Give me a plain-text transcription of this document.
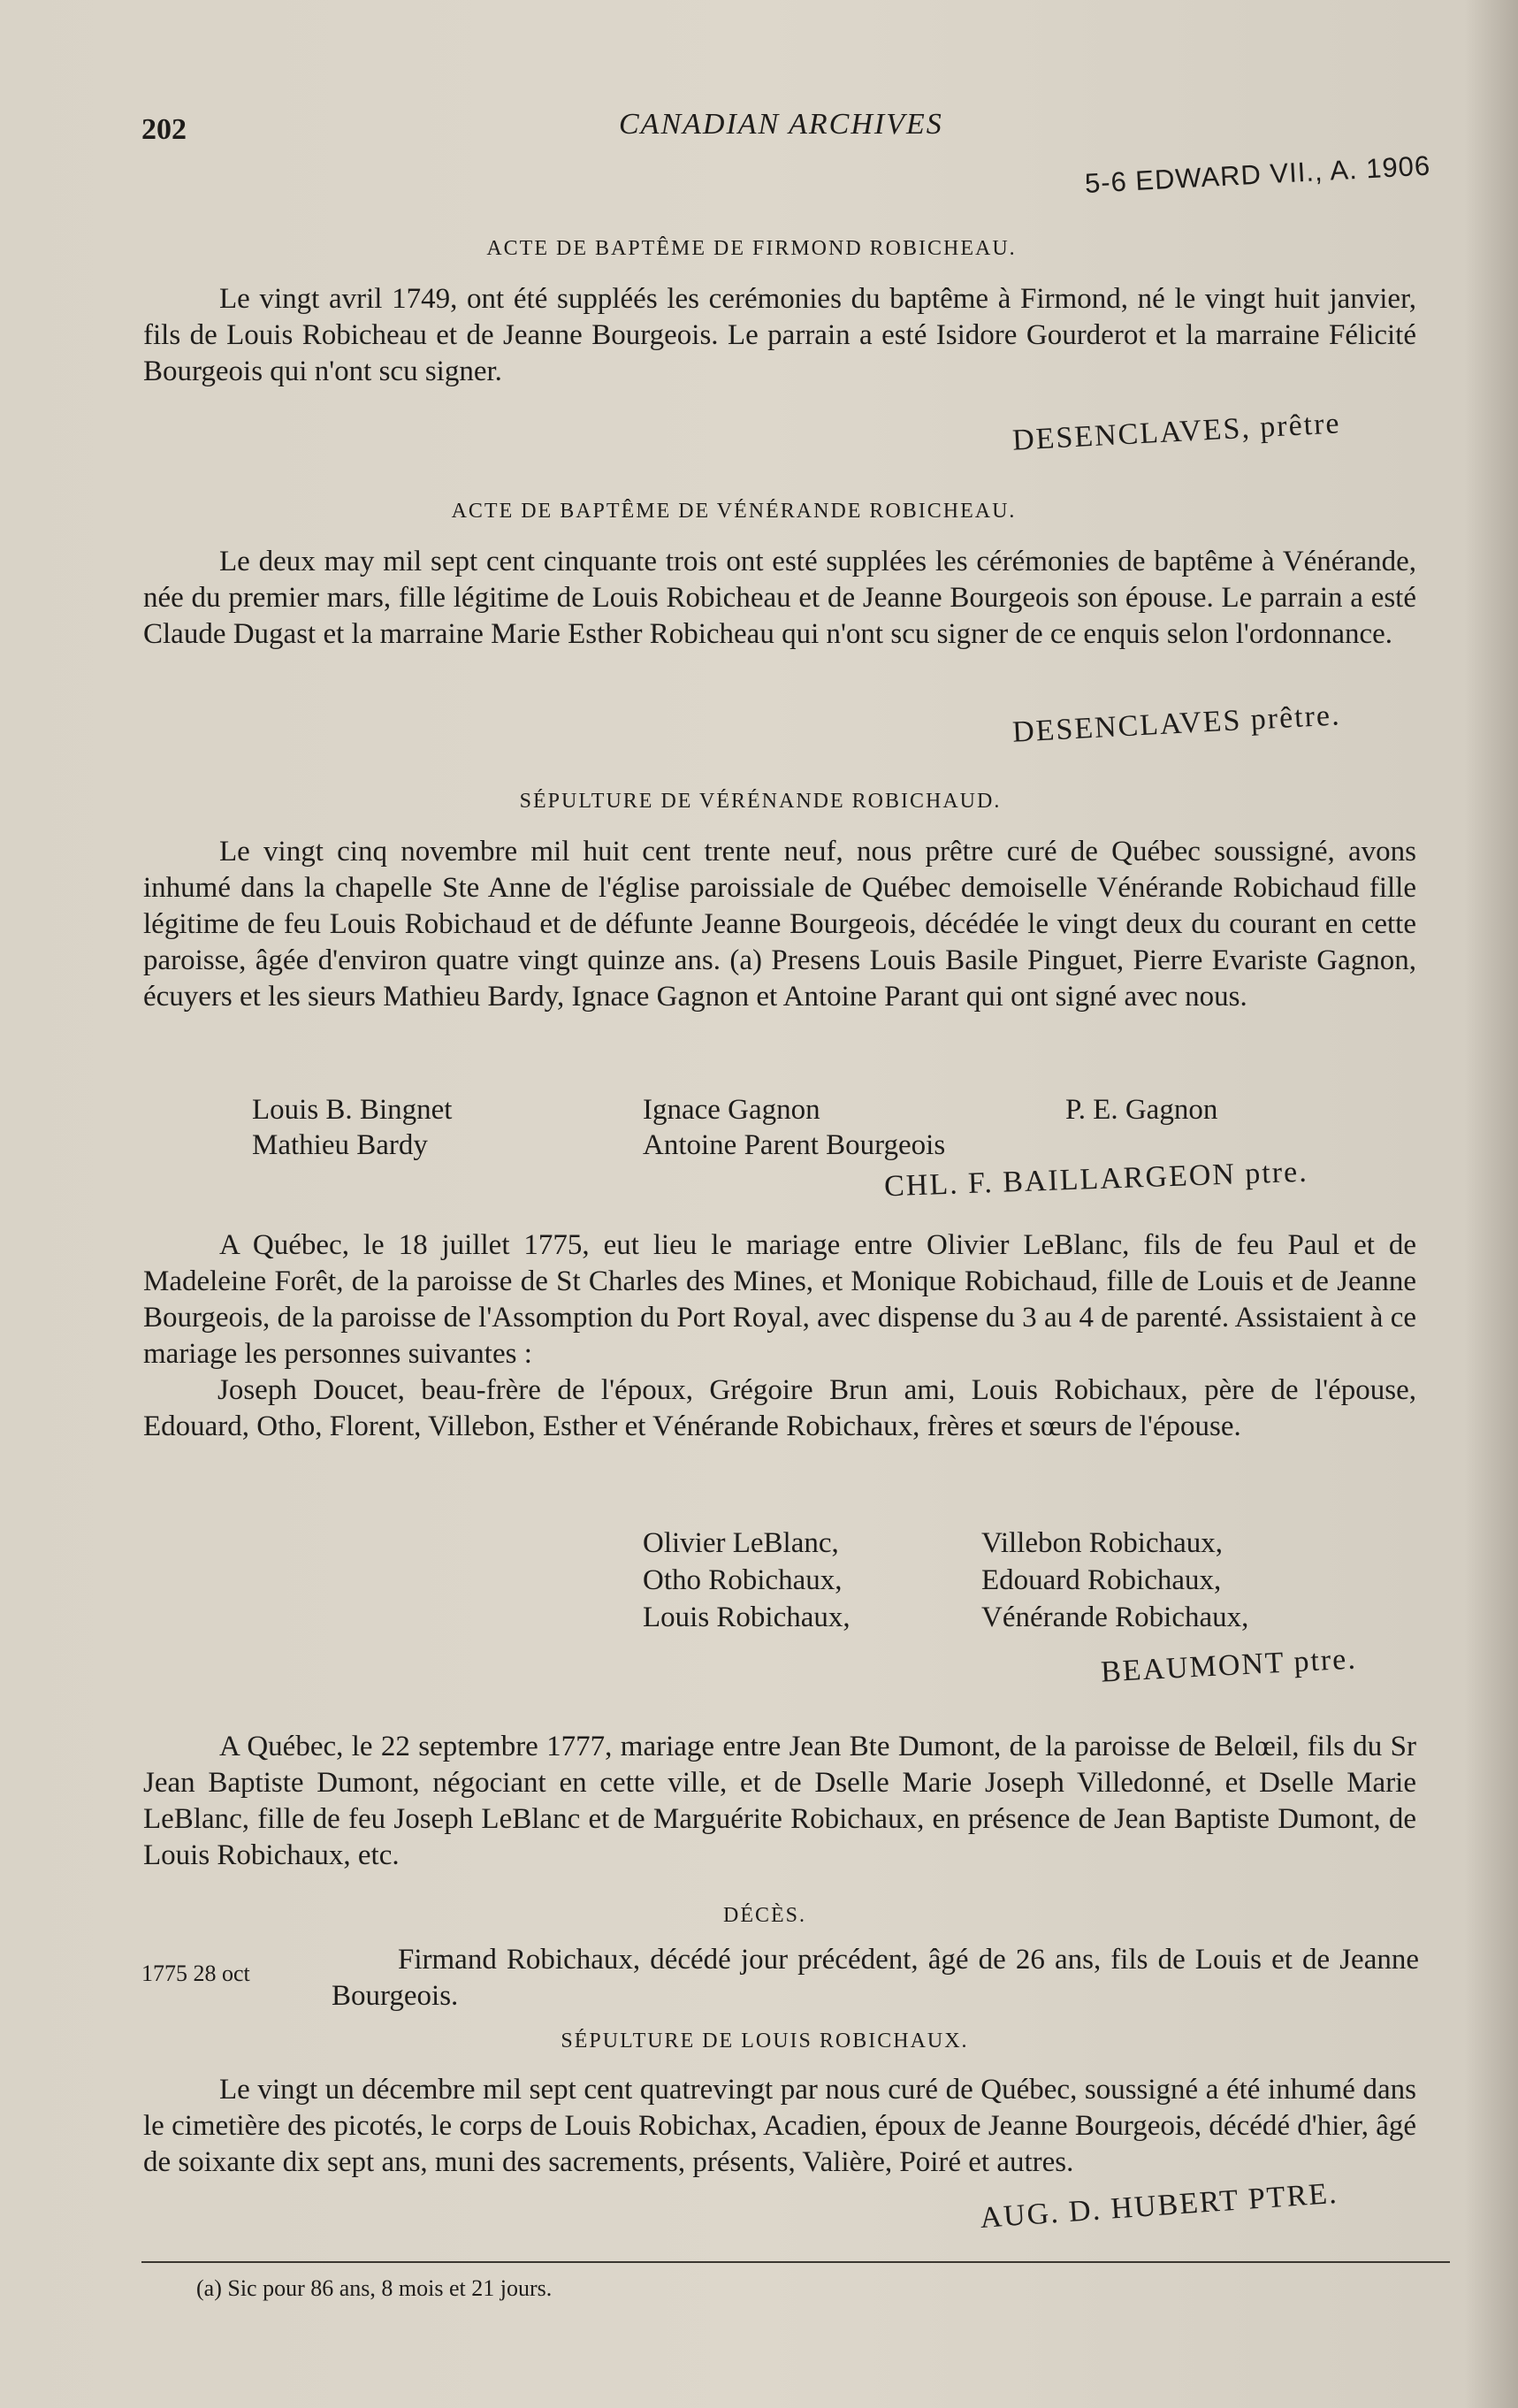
202	CANADIAN ARCHIVES
5-6 EDWARD VII., A. 1906
ACTE DE BAPTÊME DE FIRMOND ROBICHEAU.

Le vingt avril 1749, ont été suppléés les cerémonies du baptême à Firmond, né le vingt huit janvier, fils de Louis Robicheau et de Jeanne Bourgeois. Le parrain a esté Isidore Gourderot et la marraine Félicité Bourgeois qui n'ont scu signer.

DESENCLAVES, prêtre
ACTE DE BAPTÊME DE VÉNÉRANDE ROBICHEAU.

Le deux may mil sept cent cinquante trois ont esté supplées les cérémonies de baptême à Vénérande, née du premier mars, fille légitime de Louis Robicheau et de Jeanne Bourgeois son épouse. Le parrain a esté Claude Dugast et la marraine Marie Esther Robicheau qui n'ont scu signer de ce enquis selon l'ordonnance.

DESENCLAVES prêtre.
SÉPULTURE DE VÉRÉNANDE ROBICHAUD.

Le vingt cinq novembre mil huit cent trente neuf, nous prêtre curé de Québec soussigné, avons inhumé dans la chapelle Ste Anne de l'église paroissiale de Québec demoiselle Vénérande Robichaud fille légitime de feu Louis Robichaud et de défunte Jeanne Bourgeois, décédée le vingt deux du courant en cette paroisse, âgée d'environ quatre vingt quinze ans. (a) Presens Louis Basile Pinguet, Pierre Evariste Gagnon, écuyers et les sieurs Mathieu Bardy, Ignace Gagnon et Antoine Parant qui ont signé avec nous.

Louis B. Bingnet	Ignace Gagnon	P. E. Gagnon
Mathieu Bardy	Antoine Parent Bourgeois
CHL. F. BAILLARGEON ptre.

A Québec, le 18 juillet 1775, eut lieu le mariage entre Olivier LeBlanc, fils de feu Paul et de Madeleine Forêt, de la paroisse de St Charles des Mines, et Monique Robichaud, fille de Louis et de Jeanne Bourgeois, de la paroisse de l'Assomption du Port Royal, avec dispense du 3 au 4 de parenté. Assistaient à ce mariage les personnes suivantes :

Joseph Doucet, beau-frère de l'époux, Grégoire Brun ami, Louis Robichaux, père de l'épouse, Edouard, Otho, Florent, Villebon, Esther et Vénérande Robichaux, frères et sœurs de l'épouse.

Olivier LeBlanc,	Villebon Robichaux,
Otho Robichaux,	Edouard Robichaux,
Louis Robichaux,	Vénérande Robichaux,
BEAUMONT ptre.

A Québec, le 22 septembre 1777, mariage entre Jean Bte Dumont, de la paroisse de Belœil, fils du Sr Jean Baptiste Dumont, négociant en cette ville, et de Dselle Marie Joseph Villedonné, et Dselle Marie LeBlanc, fille de feu Joseph LeBlanc et de Marguérite Robichaux, en présence de Jean Baptiste Dumont, de Louis Robichaux, etc.

DÉCÈS.
1775 28 oct	Firmand Robichaux, décédé jour précédent, âgé de 26 ans, fils de Louis et de Jeanne Bourgeois.

SÉPULTURE DE LOUIS ROBICHAUX.

Le vingt un décembre mil sept cent quatrevingt par nous curé de Québec, soussigné a été inhumé dans le cimetière des picotés, le corps de Louis Robichax, Acadien, époux de Jeanne Bourgeois, décédé d'hier, âgé de soixante dix sept ans, muni des sacrements, présents, Valière, Poiré et autres.

AUG. D. HUBERT PTRE.
(a) Sic pour 86 ans, 8 mois et 21 jours.
